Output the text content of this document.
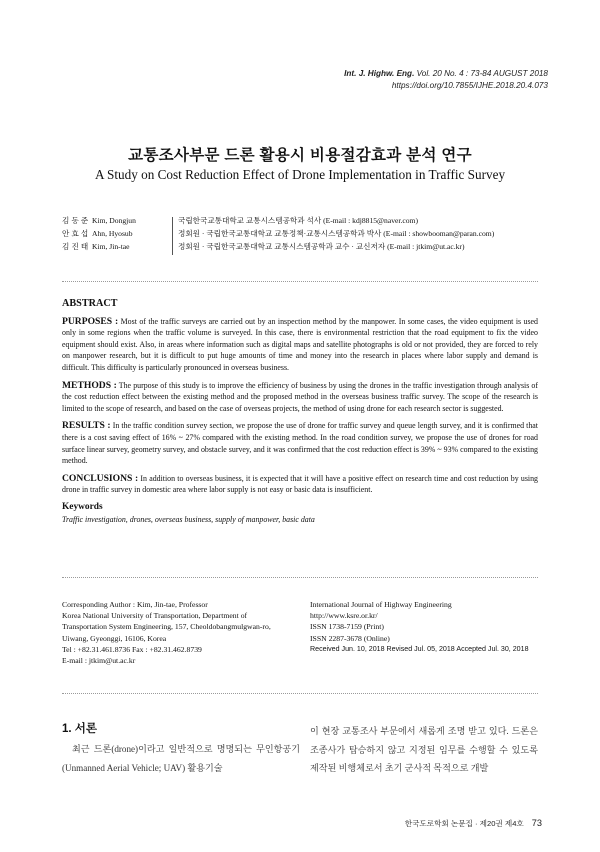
Int. J. Highw. Eng. Vol. 20 No. 4 : 73-84 AUGUST 2018
https://doi.org/10.7855/IJHE.2018.20.4.073
교통조사부문 드론 활용시 비용절감효과 분석 연구
A Study on Cost Reduction Effect of Drone Implementation in Traffic Survey
김 동 준 Kim, Dongjun	국립한국교통대학교 교통시스템공학과 석사 (E-mail : kdj8815@naver.com)
안 효 섭 Ahn, Hyosub	정회원 · 국립한국교통대학교 교통정책·교통시스템공학과 박사 (E-mail : showbooman@paran.com)
김 진 태 Kim, Jin-tae	정회원 · 국립한국교통대학교 교통시스템공학과 교수 · 교신저자 (E-mail : jtkim@ut.ac.kr)
ABSTRACT

PURPOSES : Most of the traffic surveys are carried out by an inspection method by the manpower. In some cases, the video equipment is used only in some regions when the traffic volume is surveyed. In this case, there is environmental restriction that the road equipment to fix the video equipment should exist. Also, in areas where information such as digital maps and satellite photographs is old or not provided, they are forced to rely on manpower research, but it is difficult to put huge amounts of time and money into the research in places where labor supply and demand is difficult. This difficulty is particularly pronounced in overseas business.

METHODS : The purpose of this study is to improve the efficiency of business by using the drones in the traffic investigation through analysis of the cost reduction effect between the existing method and the proposed method in the overseas business traffic survey. The scope of the research is limited to the scope of research, and based on the case of overseas projects, the method of using drone for each research sector is suggested.

RESULTS : In the traffic condition survey section, we propose the use of drone for traffic survey and queue length survey, and it is confirmed that there is a cost saving effect of 16% ~ 27% compared with the existing method. In the road condition survey, we propose the use of drones for road surface linear survey, geometry survey, and obstacle survey, and it was confirmed that the cost reduction effect is 39% ~ 93% compared to the existing method.

CONCLUSIONS : In addition to overseas business, it is expected that it will have a positive effect on research time and cost reduction by using drone in traffic survey in domestic area where labor supply is not easy or basic data is insufficient.

Keywords
Traffic investigation, drones, overseas business, supply of manpower, basic data
Corresponding Author : Kim, Jin-tae, Professor
Korea National University of Transportation, Department of
Transportation System Engineering, 157, Cheoldobangmulgwan-ro,
Uiwang, Gyeonggi, 16106, Korea
Tel : +82.31.461.8736 Fax : +82.31.462.8739
E-mail : jtkim@ut.ac.kr
International Journal of Highway Engineering
http://www.ksre.or.kr/
ISSN 1738-7159 (Print)
ISSN 2287-3678 (Online)
Received Jun. 10, 2018 Revised Jul. 05, 2018 Accepted Jul. 30, 2018
1. 서론
최근 드론(drone)이라고 일반적으로 명명되는 무인항공기(Unmanned Aerial Vehicle; UAV) 활용기술
이 현장 교통조사 부문에서 새롭게 조명 받고 있다. 드론은 조종사가 탑승하지 않고 지정된 임무를 수행할 수 있도록 제작된 비행체로서 초기 군사적 목적으로 개발
한국도로학회 논문집 · 제20권 제4호 73
